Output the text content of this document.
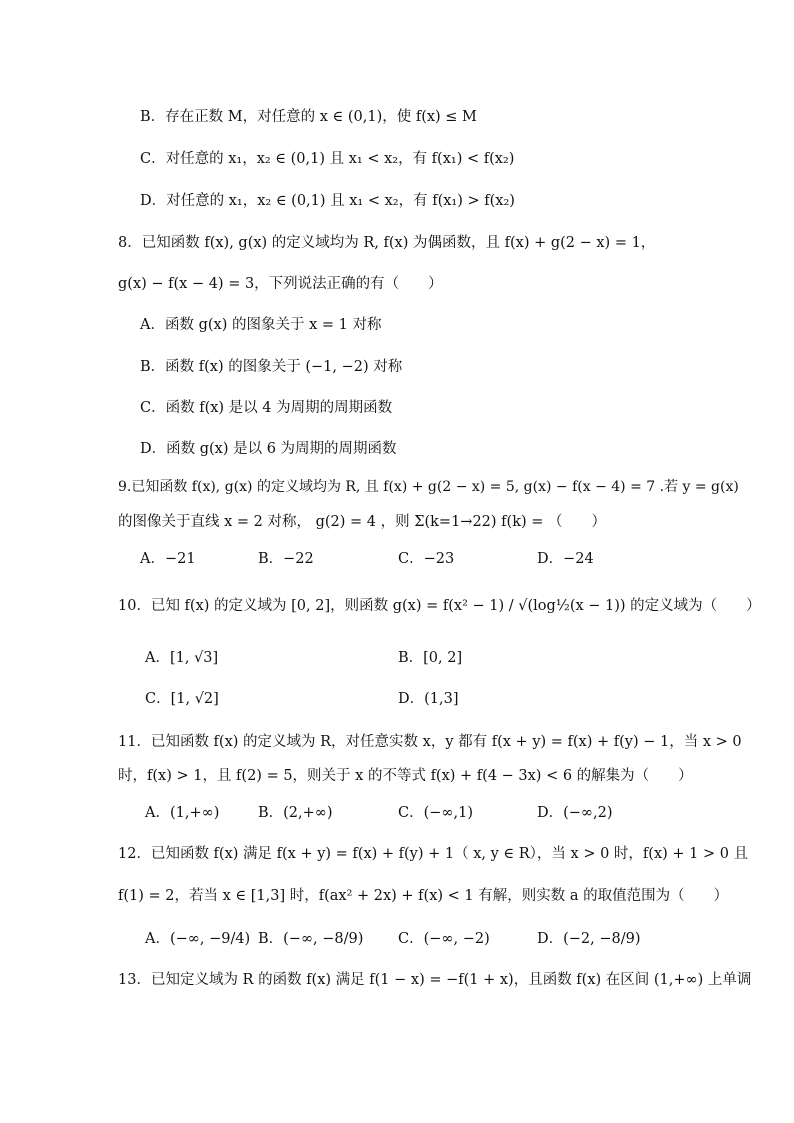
B．存在正数 M，对任意的 x ∈ (0,1)，使 f(x) ≤ M
C．对任意的 x₁，x₂ ∈ (0,1) 且 x₁ < x₂，有 f(x₁) < f(x₂)
D．对任意的 x₁，x₂ ∈ (0,1) 且 x₁ < x₂，有 f(x₁) > f(x₂)
8．已知函数 f(x), g(x) 的定义域均为 R, f(x) 为偶函数，且 f(x) + g(2 − x) = 1，
g(x) − f(x − 4) = 3，下列说法正确的有（　　）
A．函数 g(x) 的图象关于 x = 1 对称
B．函数 f(x) 的图象关于 (−1, −2) 对称
C．函数 f(x) 是以 4 为周期的周期函数
D．函数 g(x) 是以 6 为周期的周期函数
9.已知函数 f(x), g(x) 的定义域均为 R, 且 f(x) + g(2 − x) = 5, g(x) − f(x − 4) = 7 .若 y = g(x)
的图像关于直线 x = 2 对称， g(2) = 4 ，则 Σ(k=1→22) f(k) = （　　）
A．−21	B．−22	C．−23	D．−24
10．已知 f(x) 的定义域为 [0, 2]，则函数 g(x) = f(x² − 1) / √(log½(x − 1)) 的定义域为（　　）
A．[1, √3]	B．[0, 2]
C．[1, √2]	D．(1,3]
11．已知函数 f(x) 的定义域为 R，对任意实数 x，y 都有 f(x + y) = f(x) + f(y) − 1，当 x > 0
时，f(x) > 1，且 f(2) = 5，则关于 x 的不等式 f(x) + f(4 − 3x) < 6 的解集为（　　）
A．(1,+∞)	B．(2,+∞)	C．(−∞,1)	D．(−∞,2)
12．已知函数 f(x) 满足 f(x + y) = f(x) + f(y) + 1（ x, y ∈ R），当 x > 0 时，f(x) + 1 > 0 且
f(1) = 2，若当 x ∈ [1,3] 时，f(ax² + 2x) + f(x) < 1 有解，则实数 a 的取值范围为（　　）
A．(−∞, −9/4) B．(−∞, −8/9) C．(−∞, −2)	D．(−2, −8/9)
13．已知定义域为 R 的函数 f(x) 满足 f(1 − x) = −f(1 + x)，且函数 f(x) 在区间 (1,+∞) 上单调
